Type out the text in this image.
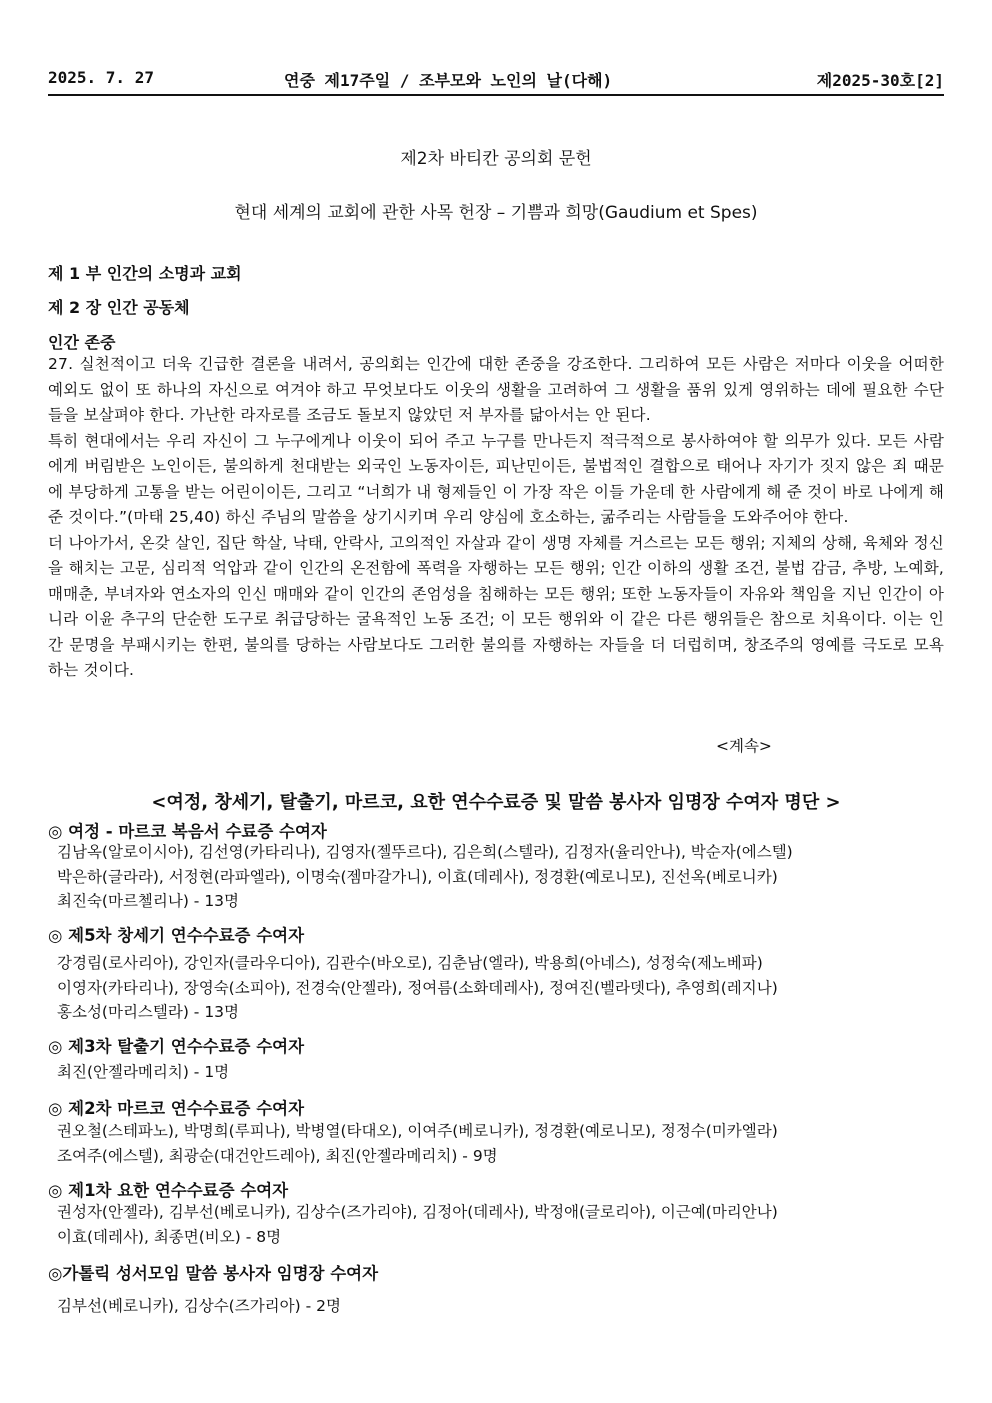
2025. 7. 27	연중 제17주일 / 조부모와 노인의 날(다해)	제2025-30호[2]
제2차 바티칸 공의회 문헌
현대 세계의 교회에 관한 사목 헌장 – 기쁨과 희망(Gaudium et Spes)
제 1 부 인간의 소명과 교회
제 2 장 인간 공동체
인간 존중

27. 실천적이고 더욱 긴급한 결론을 내려서, 공의회는 인간에 대한 존중을 강조한다. 그리하여 모든 사람은 저마다 이웃을 어떠한 예외도 없이 또 하나의 자신으로 여겨야 하고 무엇보다도 이웃의 생활을 고려하여 그 생활을 품위 있게 영위하는 데에 필요한 수단들을 보살펴야 한다. 가난한 라자로를 조금도 돌보지 않았던 저 부자를 닮아서는 안 된다.

특히 현대에서는 우리 자신이 그 누구에게나 이웃이 되어 주고 누구를 만나든지 적극적으로 봉사하여야 할 의무가 있다. 모든 사람에게 버림받은 노인이든, 불의하게 천대받는 외국인 노동자이든, 피난민이든, 불법적인 결합으로 태어나 자기가 짓지 않은 죄 때문에 부당하게 고통을 받는 어린이이든, 그리고 “너희가 내 형제들인 이 가장 작은 이들 가운데 한 사람에게 해 준 것이 바로 나에게 해 준 것이다.”(마태 25,40) 하신 주님의 말씀을 상기시키며 우리 양심에 호소하는, 굶주리는 사람들을 도와주어야 한다.

더 나아가서, 온갖 살인, 집단 학살, 낙태, 안락사, 고의적인 자살과 같이 생명 자체를 거스르는 모든 행위; 지체의 상해, 육체와 정신을 해치는 고문, 심리적 억압과 같이 인간의 온전함에 폭력을 자행하는 모든 행위; 인간 이하의 생활 조건, 불법 감금, 추방, 노예화, 매매춘, 부녀자와 연소자의 인신 매매와 같이 인간의 존엄성을 침해하는 모든 행위; 또한 노동자들이 자유와 책임을 지닌 인간이 아니라 이윤 추구의 단순한 도구로 취급당하는 굴욕적인 노동 조건; 이 모든 행위와 이 같은 다른 행위들은 참으로 치욕이다. 이는 인간 문명을 부패시키는 한편, 불의를 당하는 사람보다도 그러한 불의를 자행하는 자들을 더 더럽히며, 창조주의 영예를 극도로 모욕하는 것이다.

<계속>
<여정, 창세기, 탈출기, 마르코, 요한 연수수료증 및 말씀 봉사자 임명장 수여자 명단 >
◎ 여정 - 마르코 복음서 수료증 수여자
김남옥(알로이시아), 김선영(카타리나), 김영자(젤뚜르다), 김은희(스텔라), 김정자(율리안나), 박순자(에스텔)
박은하(글라라), 서정현(라파엘라), 이명숙(젬마갈가니), 이효(데레사), 정경환(예로니모), 진선옥(베로니카)
최진숙(마르첼리나) - 13명
◎ 제5차 창세기 연수수료증 수여자
강경림(로사리아), 강인자(클라우디아), 김관수(바오로), 김춘남(엘라), 박용희(아네스), 성정숙(제노베파)
이영자(카타리나), 장영숙(소피아), 전경숙(안젤라), 정여름(소화데레사), 정여진(벨라뎃다), 추영희(레지나)
홍소성(마리스텔라) - 13명
◎ 제3차 탈출기 연수수료증 수여자
최진(안젤라메리치) - 1명
◎ 제2차 마르코 연수수료증 수여자
권오철(스테파노), 박명희(루피나), 박병열(타대오), 이여주(베로니카), 정경환(예로니모), 정정수(미카엘라)
조여주(에스텔), 최광순(대건안드레아), 최진(안젤라메리치) - 9명
◎ 제1차 요한 연수수료증 수여자
권성자(안젤라), 김부선(베로니카), 김상수(즈가리야), 김정아(데레사), 박정애(글로리아), 이근예(마리안나)
이효(데레사), 최종면(비오) - 8명
◎가톨릭 성서모임 말씀 봉사자 임명장 수여자
김부선(베로니카), 김상수(즈가리아) - 2명
